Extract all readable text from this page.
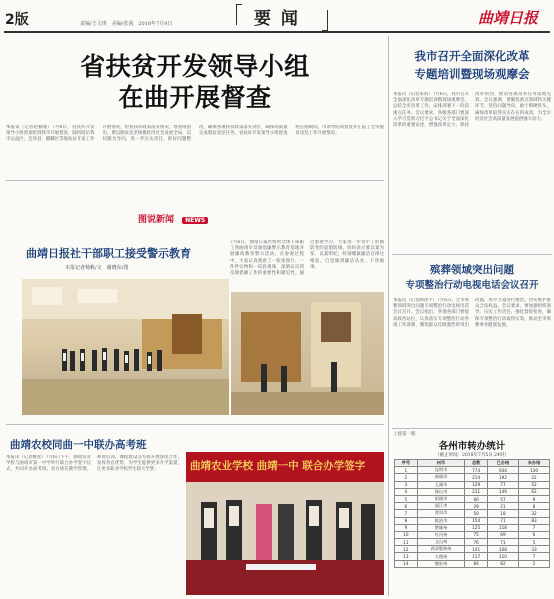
2版	责编/王文琪　美编/张茜　2018年7月9日	要 闻	曲靖日报
省扶贫开发领导小组
在曲开展督查
本报讯（记者赵桐瑾）7月6日，省扶贫开发领导小组督查组到我市开展督查，随机暗访我市沾益区、会泽县、麒麟区等地扶贫开发工作开展情况，检查扶贫政策落实情况。督查组指出，要以脱贫攻坚统揽经济社会发展全局，以问题为导向，进一步压实责任，抓好问题整改，确保各项扶贫政策落实到位，确保高质量完成脱贫攻坚任务。省扶贫开发领导小组督查组在曲期间，市领导陪同督查并汇报了全市脱贫攻坚工作开展情况。
图说新闻 NEWS
曲靖日报社干部职工接受警示教育
本报记者杨帆/文　谢晓东/图
7月6日，曲靖日报社组织全体干部职工到曲靖市反腐倡廉警示教育基地开展廉政教育警示活动。在参观过程中，大家认真观看了一张张图片、一件件实物和一段段视频，深刻认识到反腐倡廉工作的重要性和紧迫性。通过参观学习，大家进一步筑牢了拒腐防变的思想防线，纷纷表示要以案为鉴、以案明纪，时刻绷紧廉洁自律这根弦，自觉做到廉洁从业、干净做事。
曲靖农校同曲一中联办高考班
本报讯（记者姚星）7月6日下午，曲靖农业学校与曲靖市第一中学举行联合办学签字仪式，共同开办高考班。双方将在教学管理、师资培训、课程建设等方面开展深度合作，发挥各自优势，为学生提供更多升学渠道，让更多职业学校学生圆大学梦。	曲靖农业学校 曲靖一中 联合办学签字
我市召开全面深化改革
专题培训暨现场观摩会
本报讯（记者朱鸿）7月6日，我市召开全面深化改革专题培训暨现场观摩会，总结全市改革工作，安排部署下一阶段重点任务。会议要求，各级各部门要深入学习贯彻习近平总书记关于全面深化改革的重要论述，增强改革定力，保持改革韧劲，推动各项改革任务落地见效。会议强调，要聚焦重点领域和关键环节，坚持问题导向，敢于啃硬骨头，确保改革取得实实在在的成效，为全市经济社会高质量发展提供强大动力。
殡葬领域突出问题
专项整治行动电视电话会议召开
本报讯（记者陶泽宇）7月6日，全市殡葬领域突出问题专项整治行动电视电话会议召开。会议指出，各地各部门要提高政治站位，认真落实专项整治行动各项工作部署，聚焦群众反映强烈的突出问题，集中力量进行整治，切实维护群众合法权益。会议要求，要加强组织领导，压实工作责任，强化督促检查，确保专项整治行动取得实效，推动全市殡葬事业健康发展。
上接第一版
各州市转办统计
（截止时间：2018年7月5日 24时）
序号	州市	总数	已办结	未办结
1	昆明市	774	644	130
2	曲靖市	214	192	22
3	玉溪市	129	77	52
4	保山市	211	149	62
5	昭通市	66	57	9
6	丽江市	29	21	8
7	普洱市	50	18	32
8	临沧市	154	71	83
9	楚雄州	125	118	7
10	红河州	75	69	6
11	文山州	76	71	5
12	西双版纳州	141	108	33
13	大理州	117	110	7
14	德宏州	84	82	2
